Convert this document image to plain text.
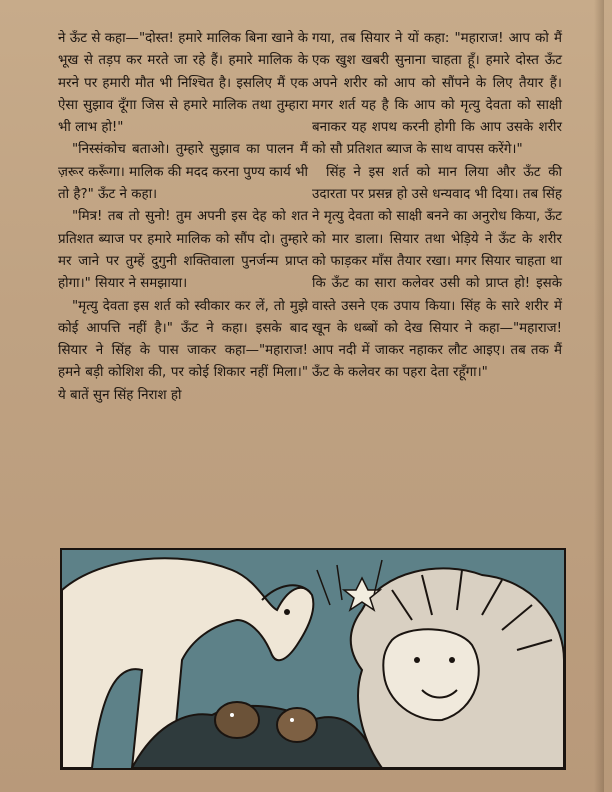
ने ऊँट से कहा—"दोस्त! हमारे मालिक बिना खाने के भूख से तड़प कर मरते जा रहे हैं। हमारे मालिक के मरने पर हमारी मौत भी निश्चित है। इसलिए मैं एक ऐसा सुझाव दूँगा जिस से हमारे मालिक तथा तुम्हारा भी लाभ हो!"

"निस्संकोच बताओ। तुम्हारे सुझाव का पालन मैं ज़रूर करूँगा। मालिक की मदद करना पुण्य कार्य भी तो है?" ऊँट ने कहा।

"मित्र! तब तो सुनो! तुम अपनी इस देह को शत प्रतिशत ब्याज पर हमारे मालिक को सौंप दो। तुम्हारे मर जाने पर तुम्हें दुगुनी शक्तिवाला पुनर्जन्म प्राप्त होगा।" सियार ने समझाया।

"मृत्यु देवता इस शर्त को स्वीकार कर लें, तो मुझे कोई आपत्ति नहीं है।" ऊँट ने कहा। इसके बाद सियार ने सिंह के पास जाकर कहा—"महाराज! हमने बड़ी कोशिश की, पर कोई शिकार नहीं मिला।" ये बातें सुन सिंह निराश हो

गया, तब सियार ने यों कहा: "महाराज! आप को मैं एक खुश खबरी सुनाना चाहता हूँ। हमारे दोस्त ऊँट अपने शरीर को आप को सौंपने के लिए तैयार हैं। मगर शर्त यह है कि आप को मृत्यु देवता को साक्षी बनाकर यह शपथ करनी होगी कि आप उसके शरीर को सौ प्रतिशत ब्याज के साथ वापस करेंगे।"

सिंह ने इस शर्त को मान लिया और ऊँट की उदारता पर प्रसन्न हो उसे धन्यवाद भी दिया। तब सिंह ने मृत्यु देवता को साक्षी बनने का अनुरोध किया, ऊँट को मार डाला। सियार तथा भेड़िये ने ऊँट के शरीर को फाड़कर माँस तैयार रखा। मगर सियार चाहता था कि ऊँट का सारा कलेवर उसी को प्राप्त हो! इसके वास्ते उसने एक उपाय किया। सिंह के सारे शरीर में खून के धब्बों को देख सियार ने कहा—"महाराज! आप नदी में जाकर नहाकर लौट आइए। तब तक मैं ऊँट के कलेवर का पहरा देता रहूँगा।"
